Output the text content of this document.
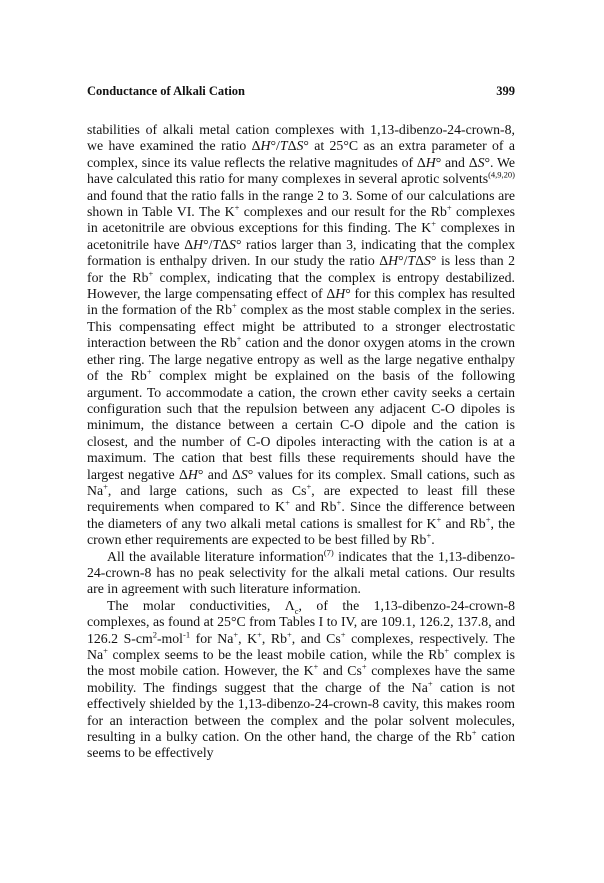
Conductance of Alkali Cation	399

stabilities of alkali metal cation complexes with 1,13-dibenzo-24-crown-8, we have examined the ratio ΔH°/TΔS° at 25°C as an extra parameter of a complex, since its value reflects the relative magnitudes of ΔH° and ΔS°. We have calculated this ratio for many complexes in several aprotic solvents$^{(4,9,20)}$ and found that the ratio falls in the range 2 to 3. Some of our calculations are shown in Table VI. The K+ complexes and our result for the Rb+ complexes in acetonitrile are obvious exceptions for this finding. The K+ complexes in acetonitrile have ΔH°/TΔS° ratios larger than 3, indicating that the complex formation is enthalpy driven. In our study the ratio ΔH°/TΔS° is less than 2 for the Rb+ complex, indicating that the complex is entropy destabilized. However, the large compensating effect of ΔH° for this complex has resulted in the formation of the Rb+ complex as the most stable complex in the series. This compensating effect might be attributed to a stronger electrostatic interaction between the Rb+ cation and the donor oxygen atoms in the crown ether ring. The large negative entropy as well as the large negative enthalpy of the Rb+ complex might be explained on the basis of the following argument. To accommodate a cation, the crown ether cavity seeks a certain configuration such that the repulsion between any adjacent C-O dipoles is minimum, the distance between a certain C-O dipole and the cation is closest, and the number of C-O dipoles interacting with the cation is at a maximum. The cation that best fills these requirements should have the largest negative ΔH° and ΔS° values for its complex. Small cations, such as Na+, and large cations, such as Cs+, are expected to least fill these requirements when compared to K+ and Rb+. Since the difference between the diameters of any two alkali metal cations is smallest for K+ and Rb+, the crown ether requirements are expected to be best filled by Rb+.

All the available literature information$^{(7)}$ indicates that the 1,13-dibenzo-24-crown-8 has no peak selectivity for the alkali metal cations. Our results are in agreement with such literature information.

The molar conductivities, $\Lambda_c$, of the 1,13-dibenzo-24-crown-8 complexes, as found at 25°C from Tables I to IV, are 109.1, 126.2, 137.8, and 126.2 $S-cm^2-mol^{-1}$ for Na+, K+, Rb+, and Cs+ complexes, respectively. The Na+ complex seems to be the least mobile cation, while the Rb+ complex is the most mobile cation. However, the K+ and Cs+ complexes have the same mobility. The findings suggest that the charge of the Na+ cation is not effectively shielded by the 1,13-dibenzo-24-crown-8 cavity, this makes room for an interaction between the complex and the polar solvent molecules, resulting in a bulky cation. On the other hand, the charge of the Rb+ cation seems to be effectively
